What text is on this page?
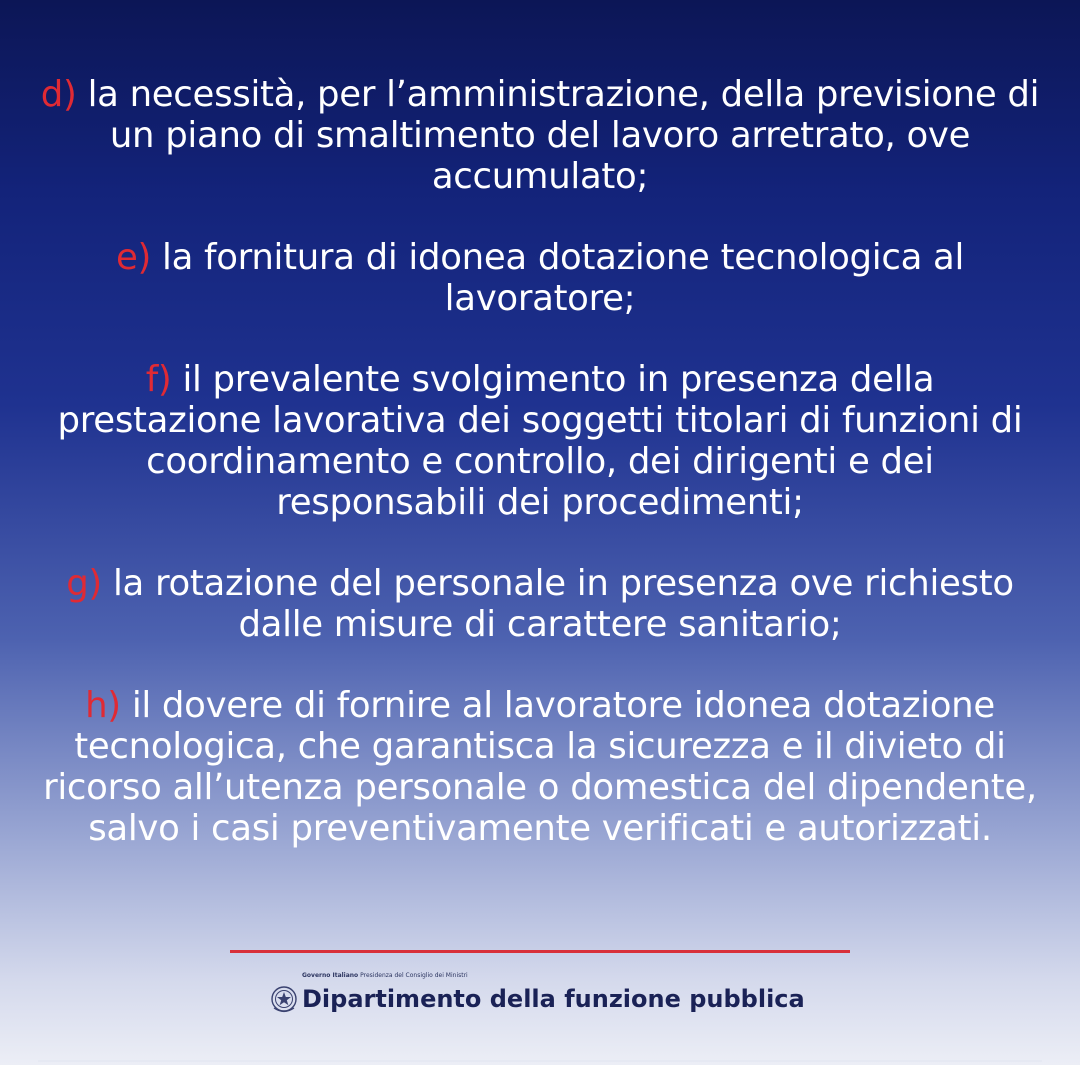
d) la necessità, per l’amministrazione, della previsione di un piano di smaltimento del lavoro arretrato, ove accumulato;
e) la fornitura di idonea dotazione tecnologica al lavoratore;
f) il prevalente svolgimento in presenza della prestazione lavorativa dei soggetti titolari di funzioni di coordinamento e controllo, dei dirigenti e dei responsabili dei procedimenti;
g) la rotazione del personale in presenza ove richiesto dalle misure di carattere sanitario;
h) il dovere di fornire al lavoratore idonea dotazione tecnologica, che garantisca la sicurezza e il divieto di ricorso all’utenza personale o domestica del dipendente, salvo i casi preventivamente verificati e autorizzati.
Governo Italiano Presidenza del Consiglio dei Ministri
Dipartimento della funzione pubblica
